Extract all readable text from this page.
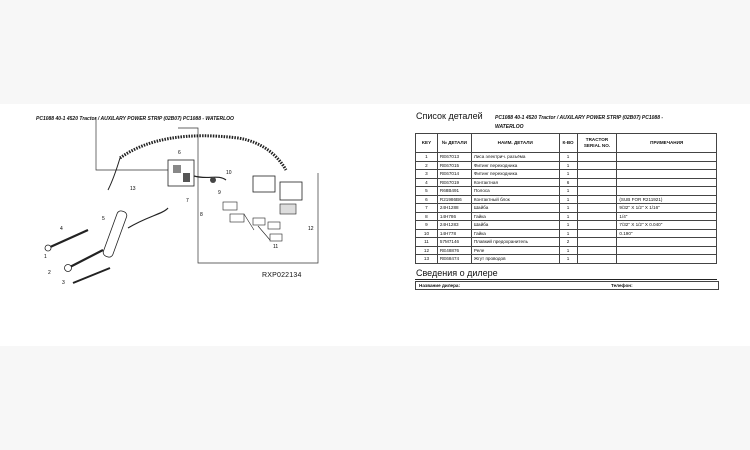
PC1088 40-1 4520 Tractor / AUXILARY POWER STRIP (02B07) PC1088 - WATERLOO
13
6
7
8
9
10
12
11
5
4
1
2
3
RXP022134
Список деталей PC1088 40-1 4520 Tractor / AUXILARY POWER STRIP (02B07) PC1088 - WATERLOO
KEY	№ ДЕТАЛИ	НАИМ. ДЕТАЛИ	К-ВО	TRACTOR SERIAL NO.	ПРИМЕЧАНИЯ
1	RE67013	Лиса электрич. разъёма	1		
2	RE67015	Фитинг переходника	1		
3	RE67014	Фитинг переходника	1		
4	RE67019	Контактная	6		
5	R68B491	Полоса	1		
6	R21986B6	Контактный блок	1		(SUB FOR R211921)
7	24H1288	Шайба	1		9/32" X 1/2" X 1/16"
8	14H786	Гайка	1		1/4"
9	24H1283	Шайба	1		7/32" X 1/2" X 0.040"
10	14H778	Гайка	1		0.190"
11	57M7146	Плавкий предохранитель	2		
12	RE48876	Реле	1		
13	RE68474	Жгут проводов	1		
Сведения о дилере
Название дилера:	Телефон:
